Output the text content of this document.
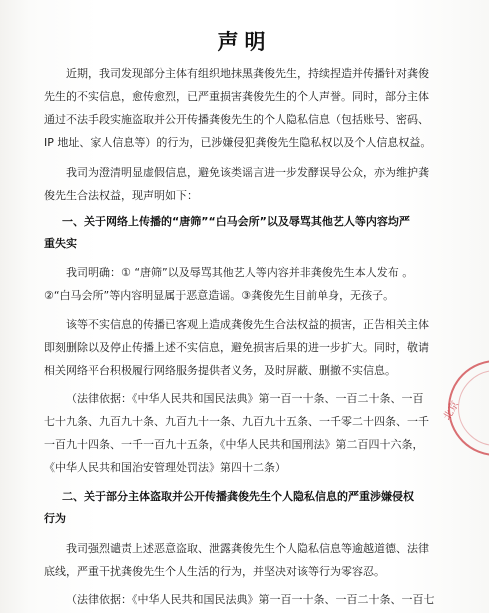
声明
近期，我司发现部分主体有组织地抹黑龚俊先生，持续捏造并传播针对龚俊
先生的不实信息，愈传愈烈，已严重损害龚俊先生的个人声誉。同时，部分主体
通过不法手段实施盗取并公开传播龚俊先生的个人隐私信息（包括账号、密码、
IP 地址、家人信息等）的行为，已涉嫌侵犯龚俊先生隐私权以及个人信息权益。
我司为澄清明显虚假信息，避免该类谣言进一步发酵误导公众，亦为维护龚
俊先生合法权益，现声明如下：
一、关于网络上传播的“唐筛”“白马会所”以及辱骂其他艺人等内容均严
重失实
我司明确：① “唐筛”以及辱骂其他艺人等内容并非龚俊先生本人发布 。
②“白马会所”等内容明显属于恶意造谣。③龚俊先生目前单身，无孩子。
该等不实信息的传播已客观上造成龚俊先生合法权益的损害，正告相关主体
即刻删除以及停止传播上述不实信息，避免损害后果的进一步扩大。同时，敬请
相关网络平台积极履行网络服务提供者义务，及时屏蔽、删撤不实信息。
（法律依据：《中华人民共和国民法典》第一百一十条、一百二十条、一百
七十九条、九百九十条、九百九十一条、九百九十五条、一千零二十四条、一千
一百九十四条、一千一百九十五条，《中华人民共和国刑法》第二百四十六条，
《中华人民共和国治安管理处罚法》第四十二条）
二、关于部分主体盗取并公开传播龚俊先生个人隐私信息的严重涉嫌侵权
行为
我司强烈谴责上述恶意盗取、泄露龚俊先生个人隐私信息等逾越道德、法律
底线，严重干扰龚俊先生个人生活的行为，并坚决对该等行为零容忍。
（法律依据：《中华人民共和国民法典》第一百一十条、一百二十条、一百七
北京
